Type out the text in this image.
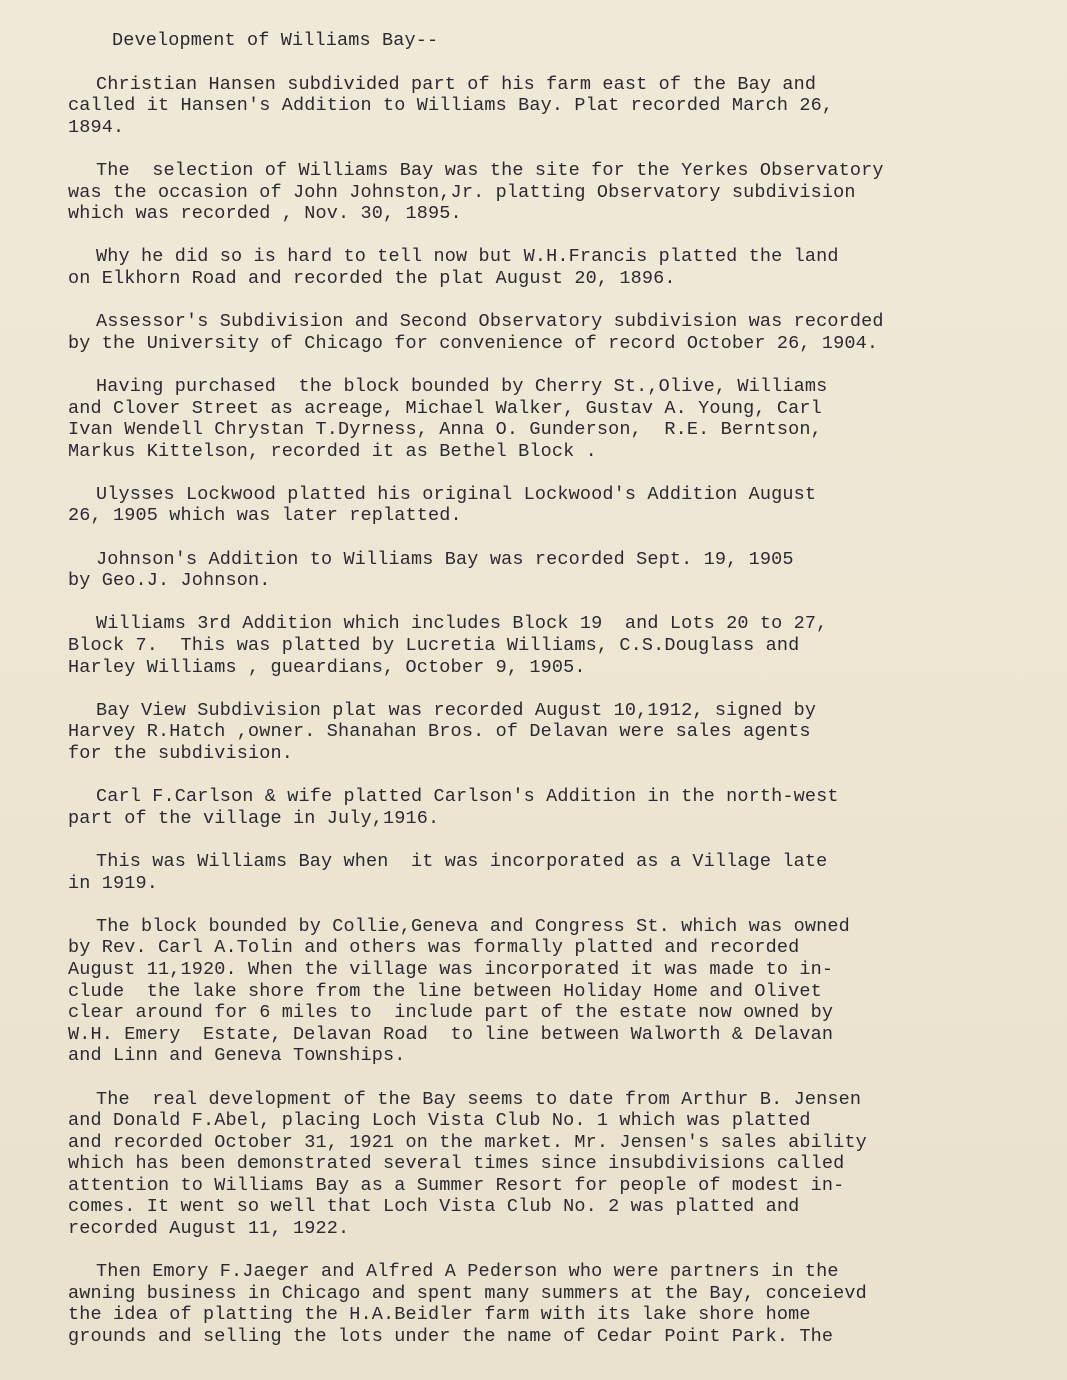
Development of Williams Bay--
Christian Hansen subdivided part of his farm east of the Bay and
called it Hansen's Addition to Williams Bay. Plat recorded March 26,
1894.
The  selection of Williams Bay was the site for the Yerkes Observatory
was the occasion of John Johnston,Jr. platting Observatory subdivision
which was recorded , Nov. 30, 1895.
Why he did so is hard to tell now but W.H.Francis platted the land
on Elkhorn Road and recorded the plat August 20, 1896.
Assessor's Subdivision and Second Observatory subdivision was recorded
by the University of Chicago for convenience of record October 26, 1904.
Having purchased  the block bounded by Cherry St.,Olive, Williams
and Clover Street as acreage, Michael Walker, Gustav A. Young, Carl
Ivan Wendell Chrystan T.Dyrness, Anna O. Gunderson,  R.E. Berntson,
Markus Kittelson, recorded it as Bethel Block .
Ulysses Lockwood platted his original Lockwood's Addition August
26, 1905 which was later replatted.
Johnson's Addition to Williams Bay was recorded Sept. 19, 1905
by Geo.J. Johnson.
Williams 3rd Addition which includes Block 19  and Lots 20 to 27,
Block 7.  This was platted by Lucretia Williams, C.S.Douglass and
Harley Williams , gueardians, October 9, 1905.
Bay View Subdivision plat was recorded August 10,1912, signed by
Harvey R.Hatch ,owner. Shanahan Bros. of Delavan were sales agents
for the subdivision.
Carl F.Carlson & wife platted Carlson's Addition in the north-west
part of the village in July,1916.
This was Williams Bay when  it was incorporated as a Village late
in 1919.
The block bounded by Collie,Geneva and Congress St. which was owned
by Rev. Carl A.Tolin and others was formally platted and recorded
August 11,1920. When the village was incorporated it was made to in-
clude  the lake shore from the line between Holiday Home and Olivet
clear around for 6 miles to  include part of the estate now owned by
W.H. Emery  Estate, Delavan Road  to line between Walworth & Delavan
and Linn and Geneva Townships.
The  real development of the Bay seems to date from Arthur B. Jensen
and Donald F.Abel, placing Loch Vista Club No. 1 which was platted
and recorded October 31, 1921 on the market. Mr. Jensen's sales ability
which has been demonstrated several times since insubdivisions called
attention to Williams Bay as a Summer Resort for people of modest in-
comes. It went so well that Loch Vista Club No. 2 was platted and
recorded August 11, 1922.
Then Emory F.Jaeger and Alfred A Pederson who were partners in the
awning business in Chicago and spent many summers at the Bay, conceievd
the idea of platting the H.A.Beidler farm with its lake shore home
grounds and selling the lots under the name of Cedar Point Park. The
